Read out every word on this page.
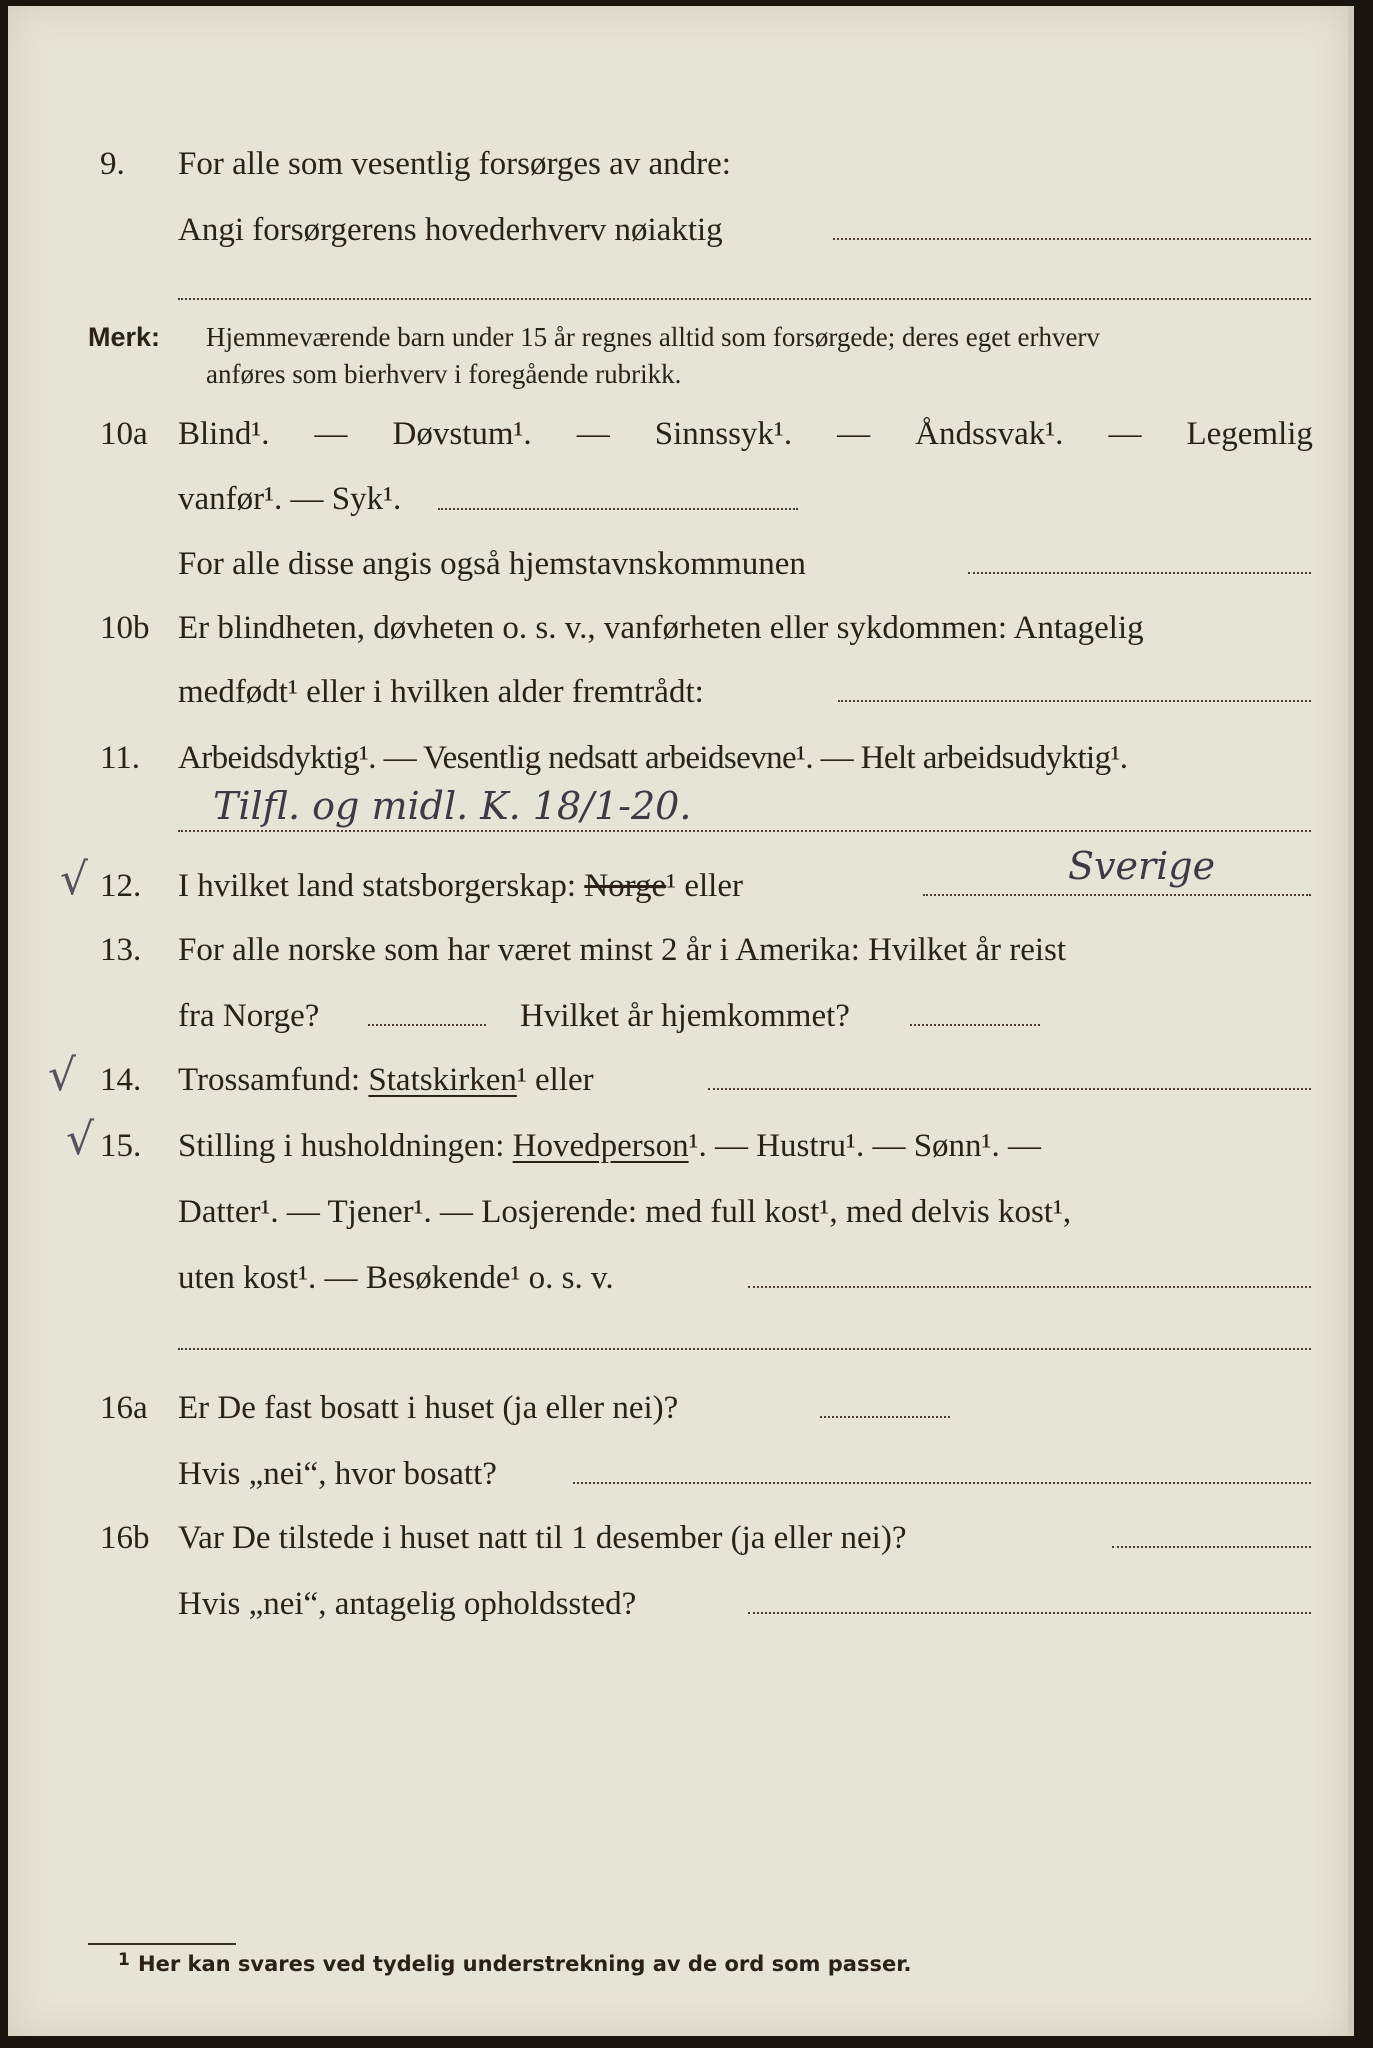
9. For alle som vesentlig forsørges av andre:
Angi forsørgerens hovederhverv nøiaktig
Merk: Hjemmeværende barn under 15 år regnes alltid som forsørgede; deres eget erhverv
anføres som bierhverv i foregående rubrikk.
10a Blind¹. — Døvstum¹. — Sinnssyk¹. — Åndssvak¹. — Legemlig
vanfør¹. — Syk¹.
For alle disse angis også hjemstavnskommunen
10b Er blindheten, døvheten o. s. v., vanførheten eller sykdommen: Antagelig
medfødt¹ eller i hvilken alder fremtrådt:
11. Arbeidsdyktig¹. — Vesentlig nedsatt arbeidsevne¹. — Helt arbeidsudyktig¹.
Tilfl. og midl. K. 18/1-20.
√ 12. I hvilket land statsborgerskap: Norge¹ eller	Sverige
13. For alle norske som har været minst 2 år i Amerika: Hvilket år reist
fra Norge?	Hvilket år hjemkommet?
√ 14. Trossamfund: Statskirken¹ eller
√ 15. Stilling i husholdningen: Hovedperson¹. — Hustru¹. — Sønn¹. —
Datter¹. — Tjener¹. — Losjerende: med full kost¹, med delvis kost¹,
uten kost¹. — Besøkende¹ o. s. v.
16a Er De fast bosatt i huset (ja eller nei)?
Hvis „nei“, hvor bosatt?
16b Var De tilstede i huset natt til 1 desember (ja eller nei)?
Hvis „nei“, antagelig opholdssted?
1 Her kan svares ved tydelig understrekning av de ord som passer.
